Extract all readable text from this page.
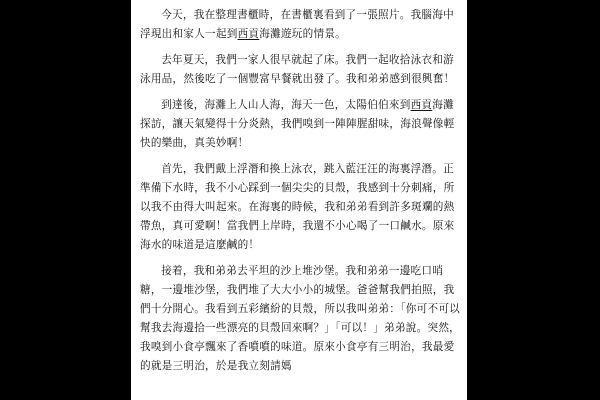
今天，我在整理書櫃時，在書櫃裏看到了一張照片。我腦海中浮現出和家人一起到西貢海灘遊玩的情景。

去年夏天，我們一家人很早就起了床。我們一起收拾泳衣和游泳用品，然後吃了一個豐富早餐就出發了。我和弟弟感到很興奮！

到達後，海灘上人山人海，海天一色，太陽伯伯來到西貢海灘探訪，讓天氣變得十分炎熱，我們嗅到一陣陣腥甜味，海浪聲像輕快的樂曲，真美妙啊！

首先，我們戴上浮潛和換上泳衣，跳入藍汪汪的海裏浮潛。正準備下水時，我不小心踩到一個尖尖的貝殼，我感到十分刺痛，所以我不由得大叫起來。在海裏的時候，我和弟弟看到許多斑斕的熱帶魚，真可愛啊！當我們上岸時，我還不小心喝了一口鹹水。原來海水的味道是這麼鹹的！

接着，我和弟弟去平坦的沙上堆沙堡。我和弟弟一邊吃口哨糖，一邊堆沙堡，我們堆了大大小小的城堡。爸爸幫我們拍照，我們十分開心。我看到五彩繽紛的貝殼，所以我叫弟弟：「你可不可以幫我去海邊拾一些漂亮的貝殼回來啊？」「可以！」弟弟說。突然，我嗅到小食亭飄來了香噴噴的味道。原來小食亭有三明治，我最愛的就是三明治，於是我立刻請媽
